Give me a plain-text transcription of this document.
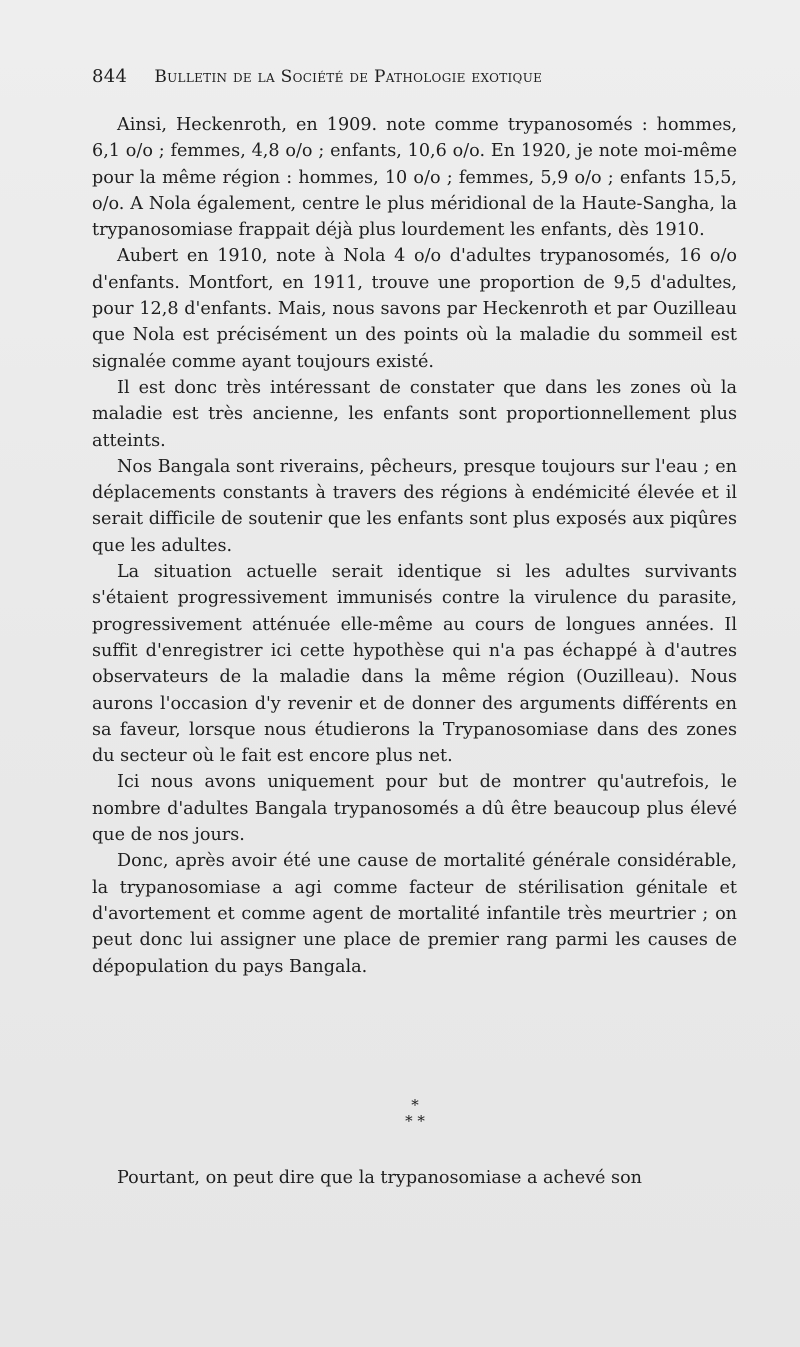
844 Bulletin de la Société de Pathologie exotique

Ainsi, Heckenroth, en 1909. note comme trypanosomés : hommes, 6,1 o/o ; femmes, 4,8 o/o ; enfants, 10,6 o/o. En 1920, je note moi-même pour la même région : hommes, 10 o/o ; femmes, 5,9 o/o ; enfants 15,5, o/o. A Nola également, centre le plus méridional de la Haute-Sangha, la trypanosomiase frappait déjà plus lourdement les enfants, dès 1910.

Aubert en 1910, note à Nola 4 o/o d'adultes trypanosomés, 16 o/o d'enfants. Montfort, en 1911, trouve une proportion de 9,5 d'adultes, pour 12,8 d'enfants. Mais, nous savons par Heckenroth et par Ouzilleau que Nola est précisément un des points où la maladie du sommeil est signalée comme ayant toujours existé.

Il est donc très intéressant de constater que dans les zones où la maladie est très ancienne, les enfants sont proportionnellement plus atteints.

Nos Bangala sont riverains, pêcheurs, presque toujours sur l'eau ; en déplacements constants à travers des régions à endémicité élevée et il serait difficile de soutenir que les enfants sont plus exposés aux piqûres que les adultes.

La situation actuelle serait identique si les adultes survivants s'étaient progressivement immunisés contre la virulence du parasite, progressivement atténuée elle-même au cours de longues années. Il suffit d'enregistrer ici cette hypothèse qui n'a pas échappé à d'autres observateurs de la maladie dans la même région (Ouzilleau). Nous aurons l'occasion d'y revenir et de donner des arguments différents en sa faveur, lorsque nous étudierons la Trypanosomiase dans des zones du secteur où le fait est encore plus net.

Ici nous avons uniquement pour but de montrer qu'autrefois, le nombre d'adultes Bangala trypanosomés a dû être beaucoup plus élevé que de nos jours.

Donc, après avoir été une cause de mortalité générale considérable, la trypanosomiase a agi comme facteur de stérilisation génitale et d'avortement et comme agent de mortalité infantile très meurtrier ; on peut donc lui assigner une place de premier rang parmi les causes de dépopulation du pays Bangala.

*
* *

Pourtant, on peut dire que la trypanosomiase a achevé son
